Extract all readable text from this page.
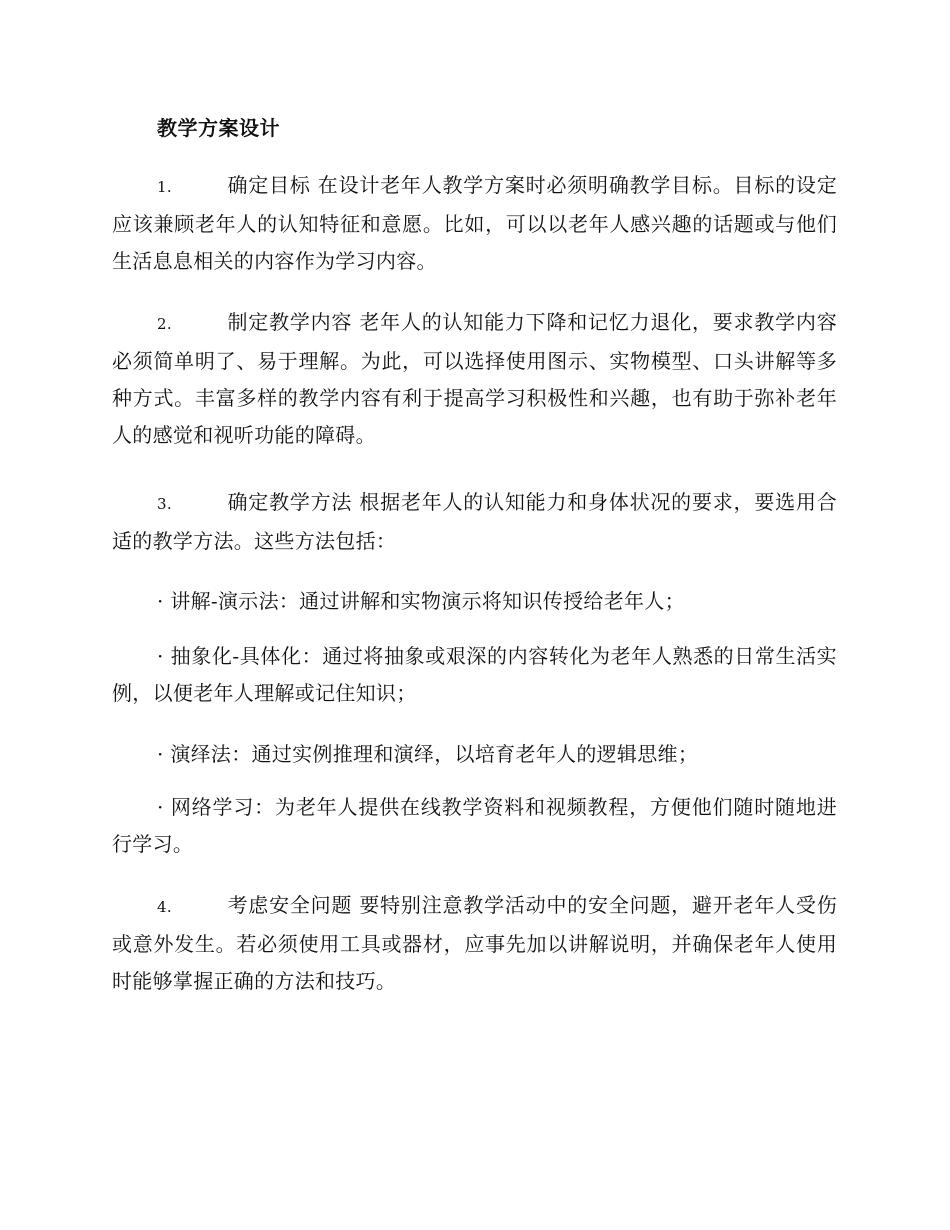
教学方案设计
1.	确定目标 在设计老年人教学方案时必须明确教学目标。目标的设定应该兼顾老年人的认知特征和意愿。比如，可以以老年人感兴趣的话题或与他们生活息息相关的内容作为学习内容。
2.	制定教学内容 老年人的认知能力下降和记忆力退化，要求教学内容必须简单明了、易于理解。为此，可以选择使用图示、实物模型、口头讲解等多种方式。丰富多样的教学内容有利于提高学习积极性和兴趣，也有助于弥补老年人的感觉和视听功能的障碍。
3.	确定教学方法 根据老年人的认知能力和身体状况的要求，要选用合适的教学方法。这些方法包括：
· 讲解-演示法：通过讲解和实物演示将知识传授给老年人；
· 抽象化-具体化：通过将抽象或艰深的内容转化为老年人熟悉的日常生活实例，以便老年人理解或记住知识；
· 演绎法：通过实例推理和演绎，以培育老年人的逻辑思维；
· 网络学习：为老年人提供在线教学资料和视频教程，方便他们随时随地进行学习。
4.	考虑安全问题 要特别注意教学活动中的安全问题，避开老年人受伤或意外发生。若必须使用工具或器材，应事先加以讲解说明，并确保老年人使用时能够掌握正确的方法和技巧。
